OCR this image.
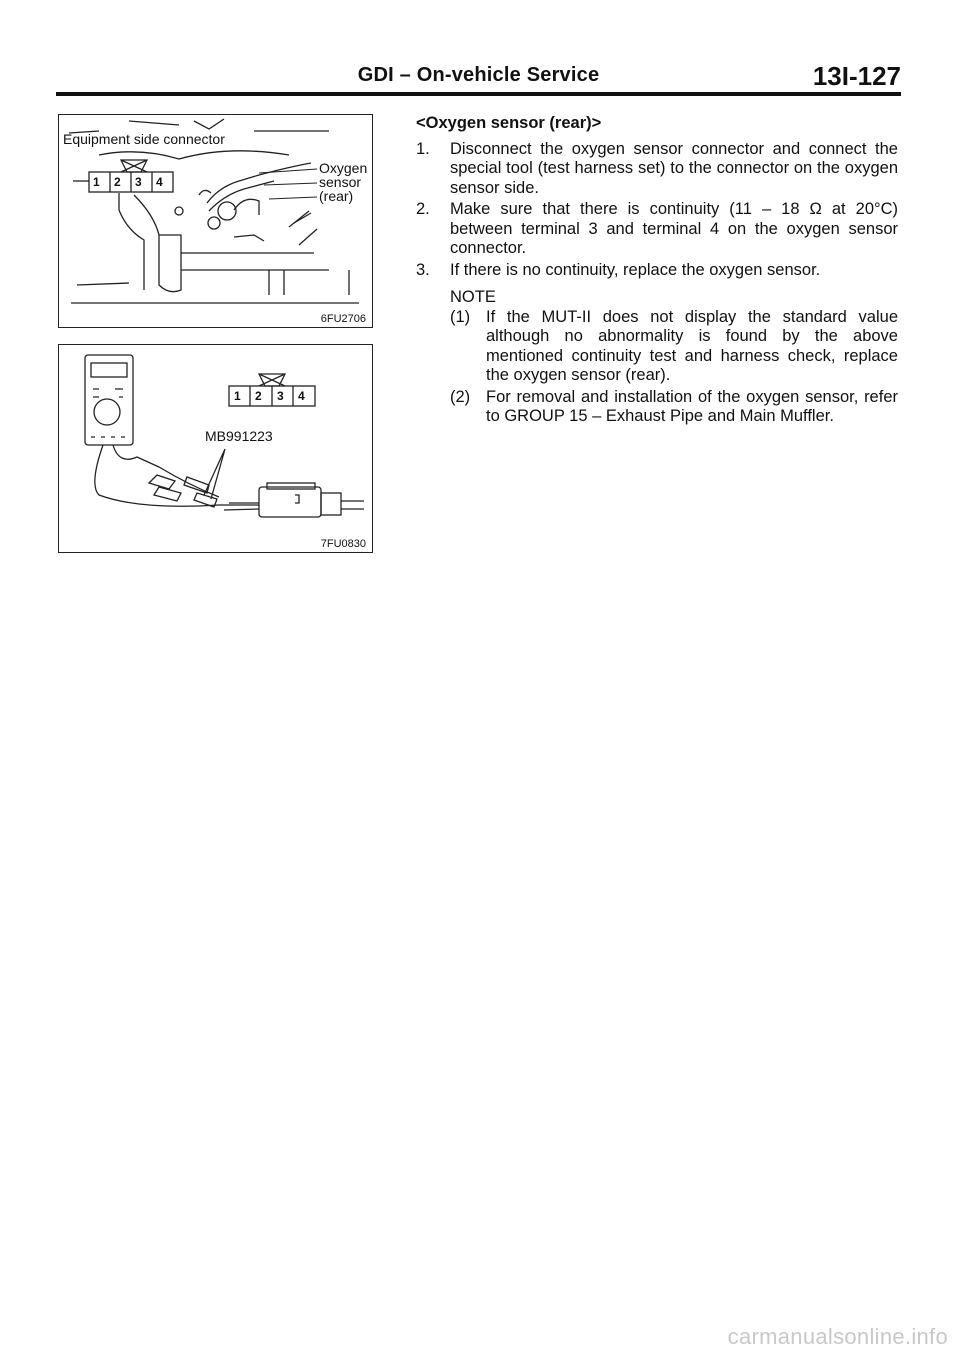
GDI – On-vehicle Service	13I-127
Equipment side connector
1 2 3 4
Oxygen
sensor
(rear)
6FU2706
1 2 3 4
MB991223
7FU0830
<Oxygen sensor (rear)>
1.	Disconnect the oxygen sensor connector and connect the special tool (test harness set) to the connector on the oxygen sensor side.
2.	Make sure that there is continuity (11 – 18 Ω at 20°C) between terminal 3 and terminal 4 on the oxygen sensor connector.
3.	If there is no continuity, replace the oxygen sensor.
NOTE
(1) If the MUT-II does not display the standard value although no abnormality is found by the above mentioned continuity test and harness check, replace the oxygen sensor (rear).
(2) For removal and installation of the oxygen sensor, refer to GROUP 15 – Exhaust Pipe and Main Muffler.
carmanualsonline.info
